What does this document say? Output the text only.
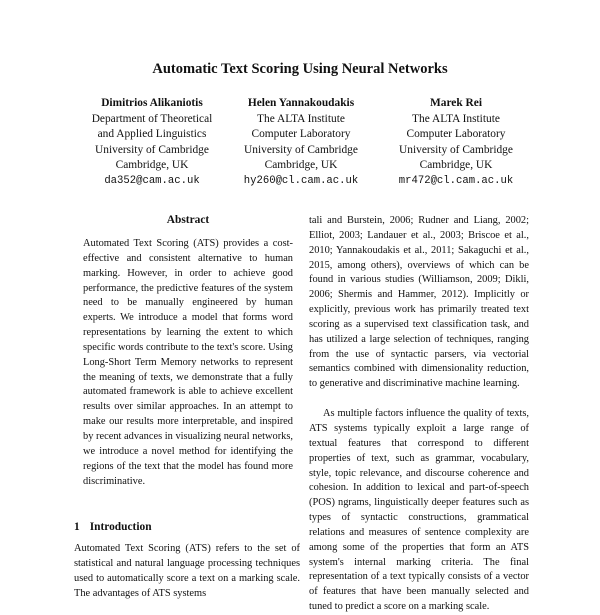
Automatic Text Scoring Using Neural Networks
Dimitrios Alikaniotis
Department of Theoretical
and Applied Linguistics
University of Cambridge
Cambridge, UK
da352@cam.ac.uk
Helen Yannakoudakis
The ALTA Institute
Computer Laboratory
University of Cambridge
Cambridge, UK
hy260@cl.cam.ac.uk
Marek Rei
The ALTA Institute
Computer Laboratory
University of Cambridge
Cambridge, UK
mr472@cl.cam.ac.uk
Abstract

Automated Text Scoring (ATS) provides a cost-effective and consistent alternative to human marking. However, in order to achieve good performance, the predictive features of the system need to be manually engineered by human experts. We introduce a model that forms word representations by learning the extent to which specific words contribute to the text's score. Using Long-Short Term Memory networks to represent the meaning of texts, we demonstrate that a fully automated framework is able to achieve excellent results over similar approaches. In an attempt to make our results more interpretable, and inspired by recent advances in visualizing neural networks, we introduce a novel method for identifying the regions of the text that the model has found more discriminative.

1 Introduction

Automated Text Scoring (ATS) refers to the set of statistical and natural language processing techniques used to automatically score a text on a marking scale. The advantages of ATS systems

tali and Burstein, 2006; Rudner and Liang, 2002; Elliot, 2003; Landauer et al., 2003; Briscoe et al., 2010; Yannakoudakis et al., 2011; Sakaguchi et al., 2015, among others), overviews of which can be found in various studies (Williamson, 2009; Dikli, 2006; Shermis and Hammer, 2012). Implicitly or explicitly, previous work has primarily treated text scoring as a supervised text classification task, and has utilized a large selection of techniques, ranging from the use of syntactic parsers, via vectorial semantics combined with dimensionality reduction, to generative and discriminative machine learning.

As multiple factors influence the quality of texts, ATS systems typically exploit a large range of textual features that correspond to different properties of text, such as grammar, vocabulary, style, topic relevance, and discourse coherence and cohesion. In addition to lexical and part-of-speech (POS) ngrams, linguistically deeper features such as types of syntactic constructions, grammatical relations and measures of sentence complexity are among some of the properties that form an ATS system's internal marking criteria. The final representation of a text typically consists of a vector of features that have been manually selected and tuned to predict a score on a marking scale.
